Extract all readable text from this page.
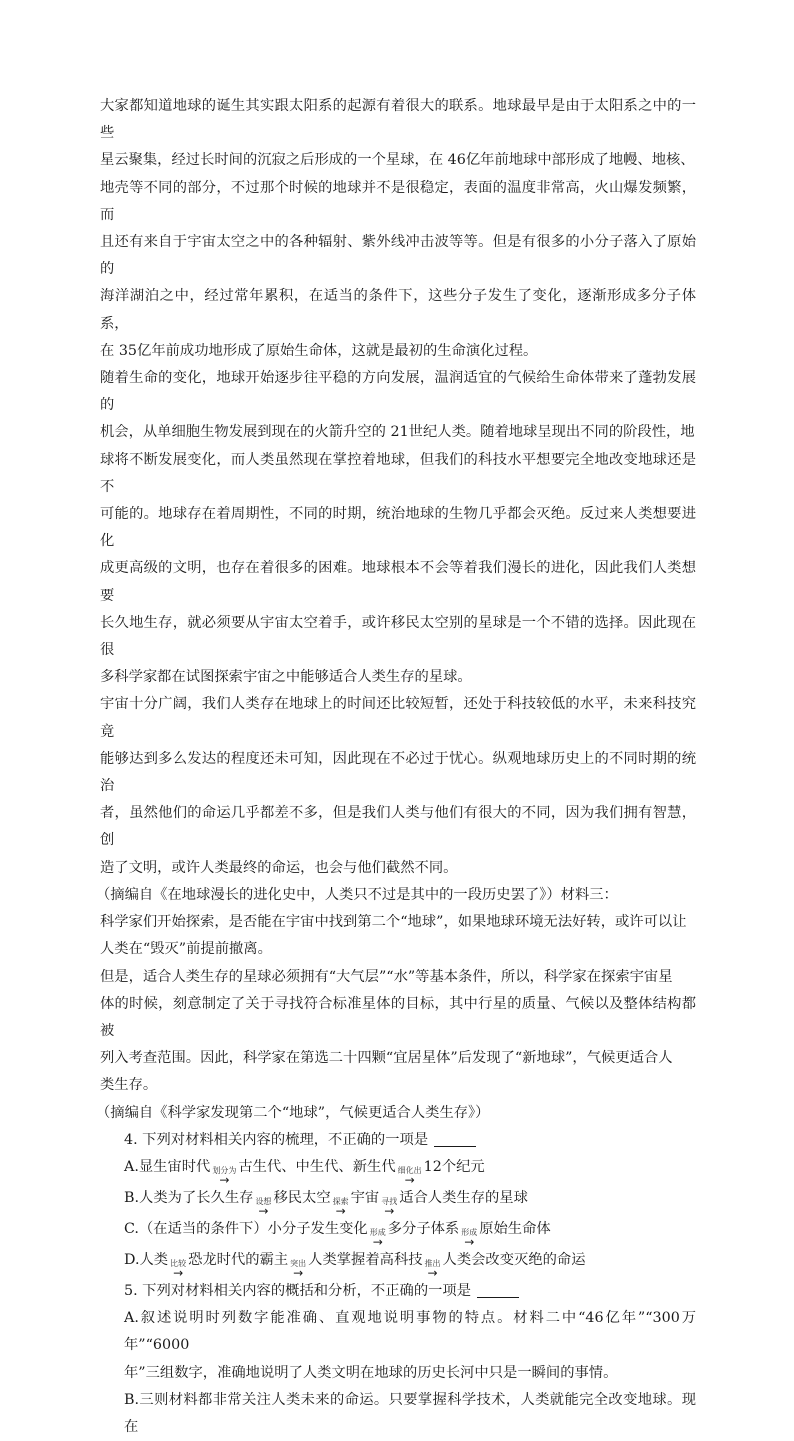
大家都知道地球的诞生其实跟太阳系的起源有着很大的联系。地球最早是由于太阳系之中的一些

星云聚集，经过长时间的沉寂之后形成的一个星球，在 46亿年前地球中部形成了地幔、地核、

地壳等不同的部分，不过那个时候的地球并不是很稳定，表面的温度非常高，火山爆发频繁，而

且还有来自于宇宙太空之中的各种辐射、紫外线冲击波等等。但是有很多的小分子落入了原始的

海洋湖泊之中，经过常年累积，在适当的条件下，这些分子发生了变化，逐渐形成多分子体系，

在 35亿年前成功地形成了原始生命体，这就是最初的生命演化过程。

随着生命的变化，地球开始逐步往平稳的方向发展，温润适宜的气候给生命体带来了蓬勃发展的

机会，从单细胞生物发展到现在的火箭升空的 21世纪人类。随着地球呈现出不同的阶段性，地

球将不断发展变化，而人类虽然现在掌控着地球，但我们的科技水平想要完全地改变地球还是不

可能的。地球存在着周期性，不同的时期，统治地球的生物几乎都会灭绝。反过来人类想要进化

成更高级的文明，也存在着很多的困难。地球根本不会等着我们漫长的进化，因此我们人类想要

长久地生存，就必须要从宇宙太空着手，或许移民太空别的星球是一个不错的选择。因此现在很

多科学家都在试图探索宇宙之中能够适合人类生存的星球。

宇宙十分广阔，我们人类存在地球上的时间还比较短暂，还处于科技较低的水平，未来科技究竟

能够达到多么发达的程度还未可知，因此现在不必过于忧心。纵观地球历史上的不同时期的统治

者，虽然他们的命运几乎都差不多，但是我们人类与他们有很大的不同，因为我们拥有智慧，创

造了文明，或许人类最终的命运，也会与他们截然不同。

（摘编自《在地球漫长的进化史中，人类只不过是其中的一段历史罢了》）材料三：

科学家们开始探索，是否能在宇宙中找到第二个“地球”，如果地球环境无法好转，或许可以让

人类在“毁灭”前提前撤离。

但是，适合人类生存的星球必须拥有“大气层”“水”等基本条件，所以，科学家在探索宇宙星

体的时候，刻意制定了关于寻找符合标准星体的目标，其中行星的质量、气候以及整体结构都被

列入考查范围。因此，科学家在第选二十四颗“宜居星体”后发现了“新地球”，气候更适合人

类生存。

（摘编自《科学家发现第二个“地球”，气候更适合人类生存》）

4. 下列对材料相关内容的梳理，不正确的一项是

A.显生宙时代 划分为
→
古生代、中生代、新生代 细化出
→
12个纪元

B.人类为了长久生存 设想
→
移民太空 探索
→
宇宙 寻找
→
适合人类生存的星球

C.（在适当的条件下）小分子发生变化 形成
→
多分子体系 形成
→
原始生命体

D.人类 比较
→
恐龙时代的霸主 突出
→
人类掌握着高科技 推出
→
人类会改变灭绝的命运

5. 下列对材料相关内容的概括和分析，不正确的一项是

A.叙述说明时列数字能准确、直观地说明事物的特点。材料二中“46亿年”“300万年”“6000

年”三组数字，准确地说明了人类文明在地球的历史长河中只是一瞬间的事情。

B.三则材料都非常关注人类未来的命运。只要掌握科学技术，人类就能完全改变地球。现在
